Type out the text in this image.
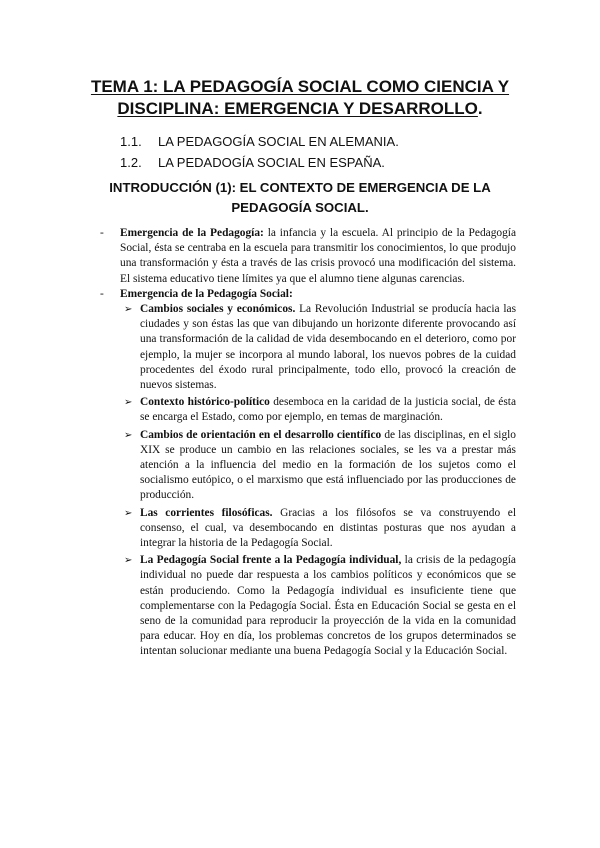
TEMA 1: LA PEDAGOGÍA SOCIAL COMO CIENCIA Y
DISCIPLINA: EMERGENCIA Y DESARROLLO.
1.1. LA PEDAGOGÍA SOCIAL EN ALEMANIA.
1.2. LA PEDADOGÍA SOCIAL EN ESPAÑA.
INTRODUCCIÓN (1): EL CONTEXTO DE EMERGENCIA DE LA
PEDAGOGÍA SOCIAL.
- Emergencia de la Pedagogía: la infancia y la escuela. Al principio de la Pedagogía Social, ésta se centraba en la escuela para transmitir los conocimientos, lo que produjo una transformación y ésta a través de las crisis provocó una modificación del sistema. El sistema educativo tiene límites ya que el alumno tiene algunas carencias.
- Emergencia de la Pedagogía Social:
➢ Cambios sociales y económicos. La Revolución Industrial se producía hacia las ciudades y son éstas las que van dibujando un horizonte diferente provocando así una transformación de la calidad de vida desembocando en el deterioro, como por ejemplo, la mujer se incorpora al mundo laboral, los nuevos pobres de la cuidad procedentes del éxodo rural principalmente, todo ello, provocó la creación de nuevos sistemas.
➢ Contexto histórico-político desemboca en la caridad de la justicia social, de ésta se encarga el Estado, como por ejemplo, en temas de marginación.
➢ Cambios de orientación en el desarrollo científico de las disciplinas, en el siglo XIX se produce un cambio en las relaciones sociales, se les va a prestar más atención a la influencia del medio en la formación de los sujetos como el socialismo eutópico, o el marxismo que está influenciado por las producciones de producción.
➢ Las corrientes filosóficas. Gracias a los filósofos se va construyendo el consenso, el cual, va desembocando en distintas posturas que nos ayudan a integrar la historia de la Pedagogía Social.
➢ La Pedagogía Social frente a la Pedagogía individual, la crisis de la pedagogía individual no puede dar respuesta a los cambios políticos y económicos que se están produciendo. Como la Pedagogía individual es insuficiente tiene que complementarse con la Pedagogía Social. Ésta en Educación Social se gesta en el seno de la comunidad para reproducir la proyección de la vida en la comunidad para educar. Hoy en día, los problemas concretos de los grupos determinados se intentan solucionar mediante una buena Pedagogía Social y la Educación Social.
